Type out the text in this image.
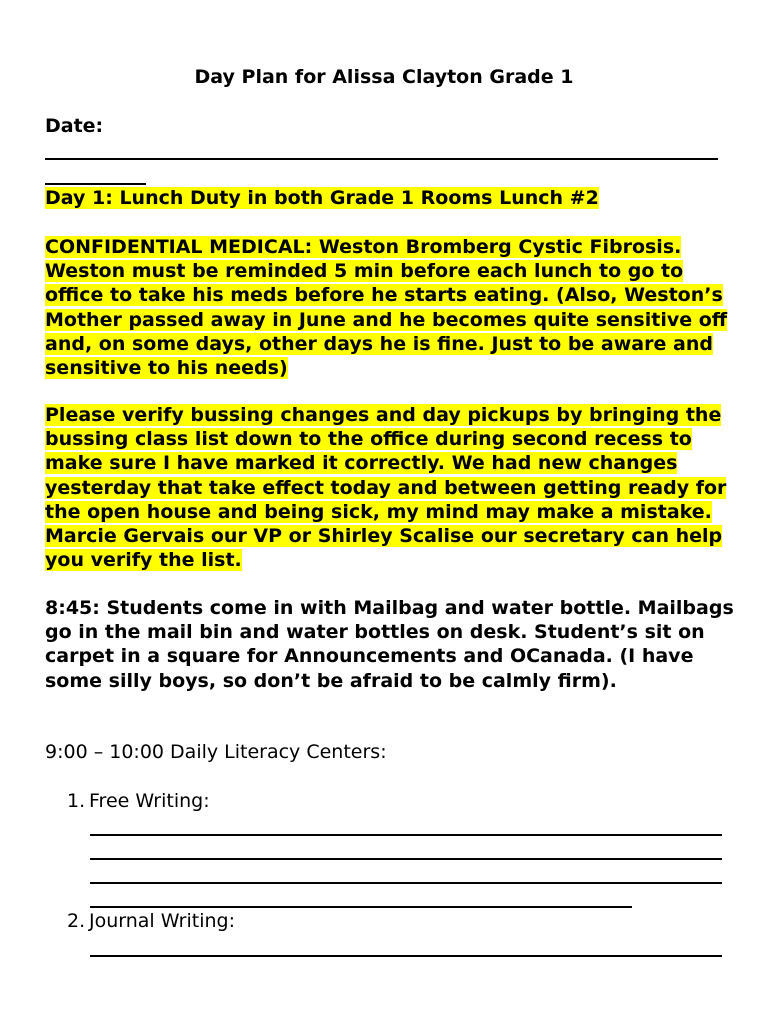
Day Plan for Alissa Clayton Grade 1
Date:
Day 1: Lunch Duty in both Grade 1 Rooms Lunch #2
CONFIDENTIAL MEDICAL: Weston Bromberg Cystic Fibrosis. Weston must be reminded 5 min before each lunch to go to office to take his meds before he starts eating. (Also, Weston’s Mother passed away in June and he becomes quite sensitive off and, on some days, other days he is fine. Just to be aware and sensitive to his needs)
Please verify bussing changes and day pickups by bringing the bussing class list down to the office during second recess to make sure I have marked it correctly. We had new changes yesterday that take effect today and between getting ready for the open house and being sick, my mind may make a mistake. Marcie Gervais our VP or Shirley Scalise our secretary can help you verify the list.
8:45: Students come in with Mailbag and water bottle. Mailbags go in the mail bin and water bottles on desk. Student’s sit on carpet in a square for Announcements and OCanada. (I have some silly boys, so don’t be afraid to be calmly firm).
9:00 – 10:00 Daily Literacy Centers:
1. Free Writing:
2. Journal Writing:
